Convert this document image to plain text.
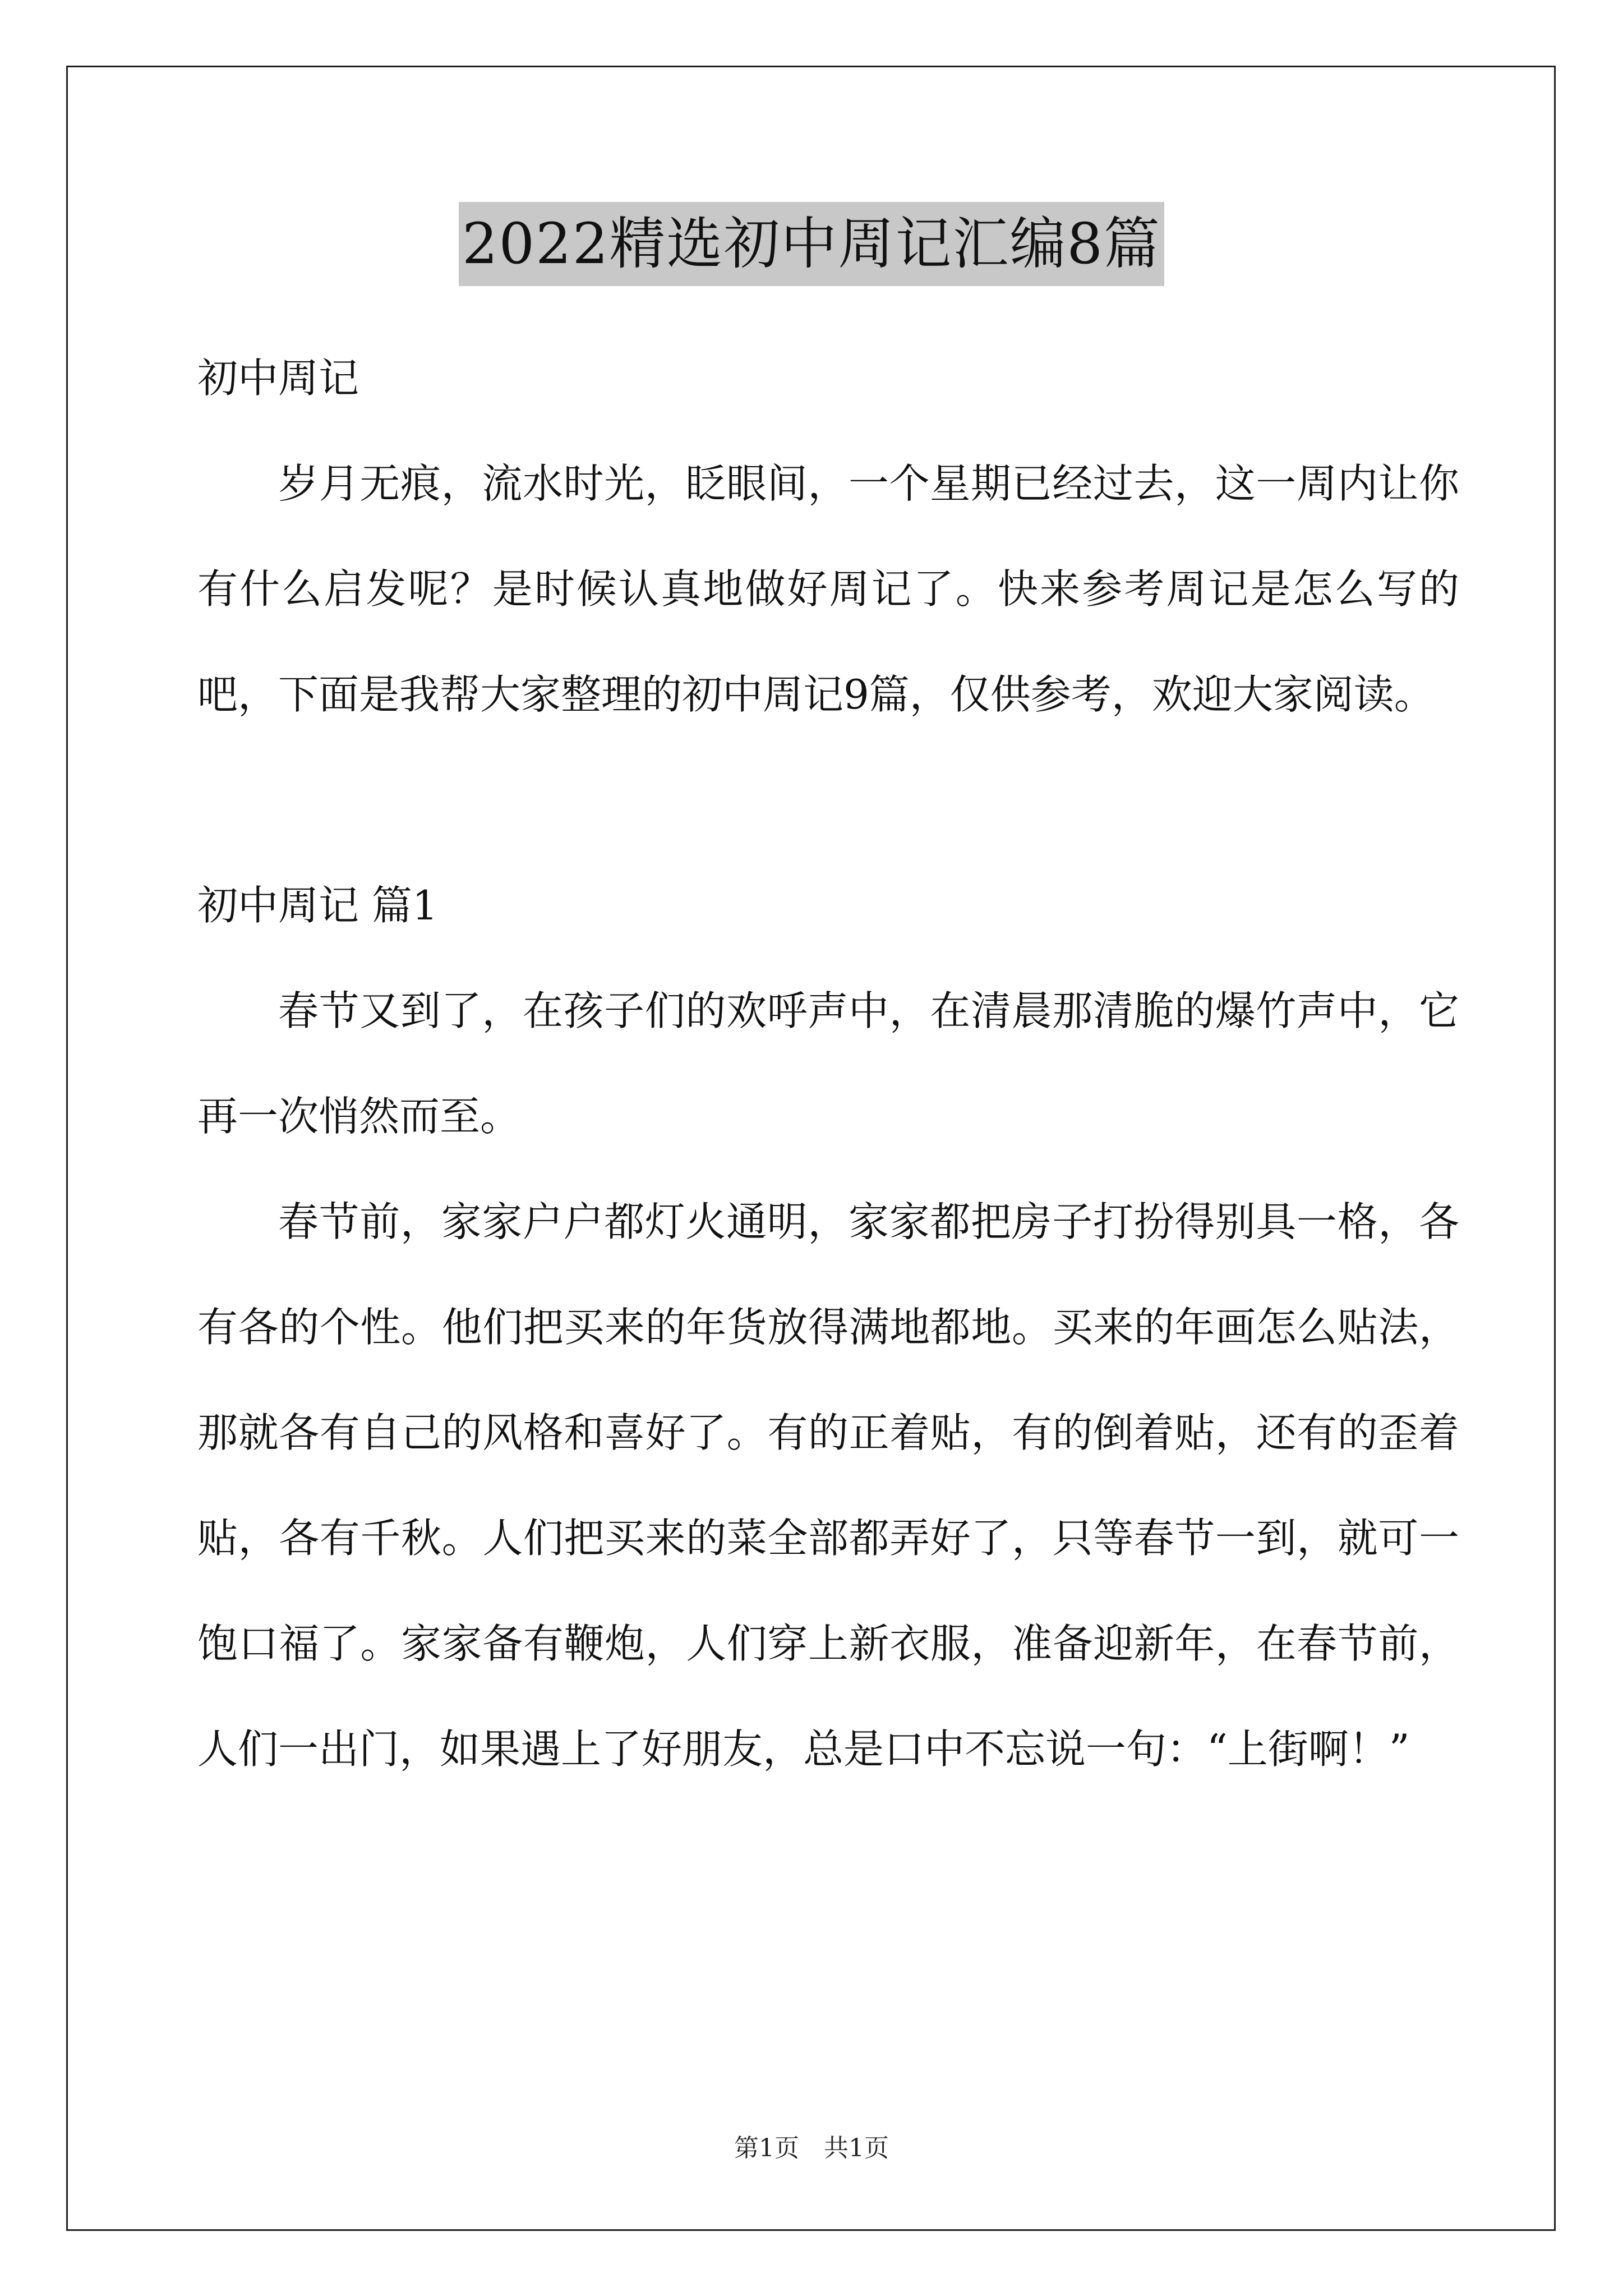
2022精选初中周记汇编8篇

初中周记

岁月无痕，流水时光，眨眼间，一个星期已经过去，这一周内让你有什么启发呢？是时候认真地做好周记了。快来参考周记是怎么写的吧，下面是我帮大家整理的初中周记9篇，仅供参考，欢迎大家阅读。

初中周记 篇1

春节又到了，在孩子们的欢呼声中，在清晨那清脆的爆竹声中，它再一次悄然而至。

春节前，家家户户都灯火通明，家家都把房子打扮得别具一格，各有各的个性。他们把买来的年货放得满地都地。买来的年画怎么贴法，那就各有自己的风格和喜好了。有的正着贴，有的倒着贴，还有的歪着贴，各有千秋。人们把买来的菜全部都弄好了，只等春节一到，就可一饱口福了。家家备有鞭炮，人们穿上新衣服，准备迎新年，在春节前，人们一出门，如果遇上了好朋友，总是口中不忘说一句：“上街啊！”

第1页　共1页
